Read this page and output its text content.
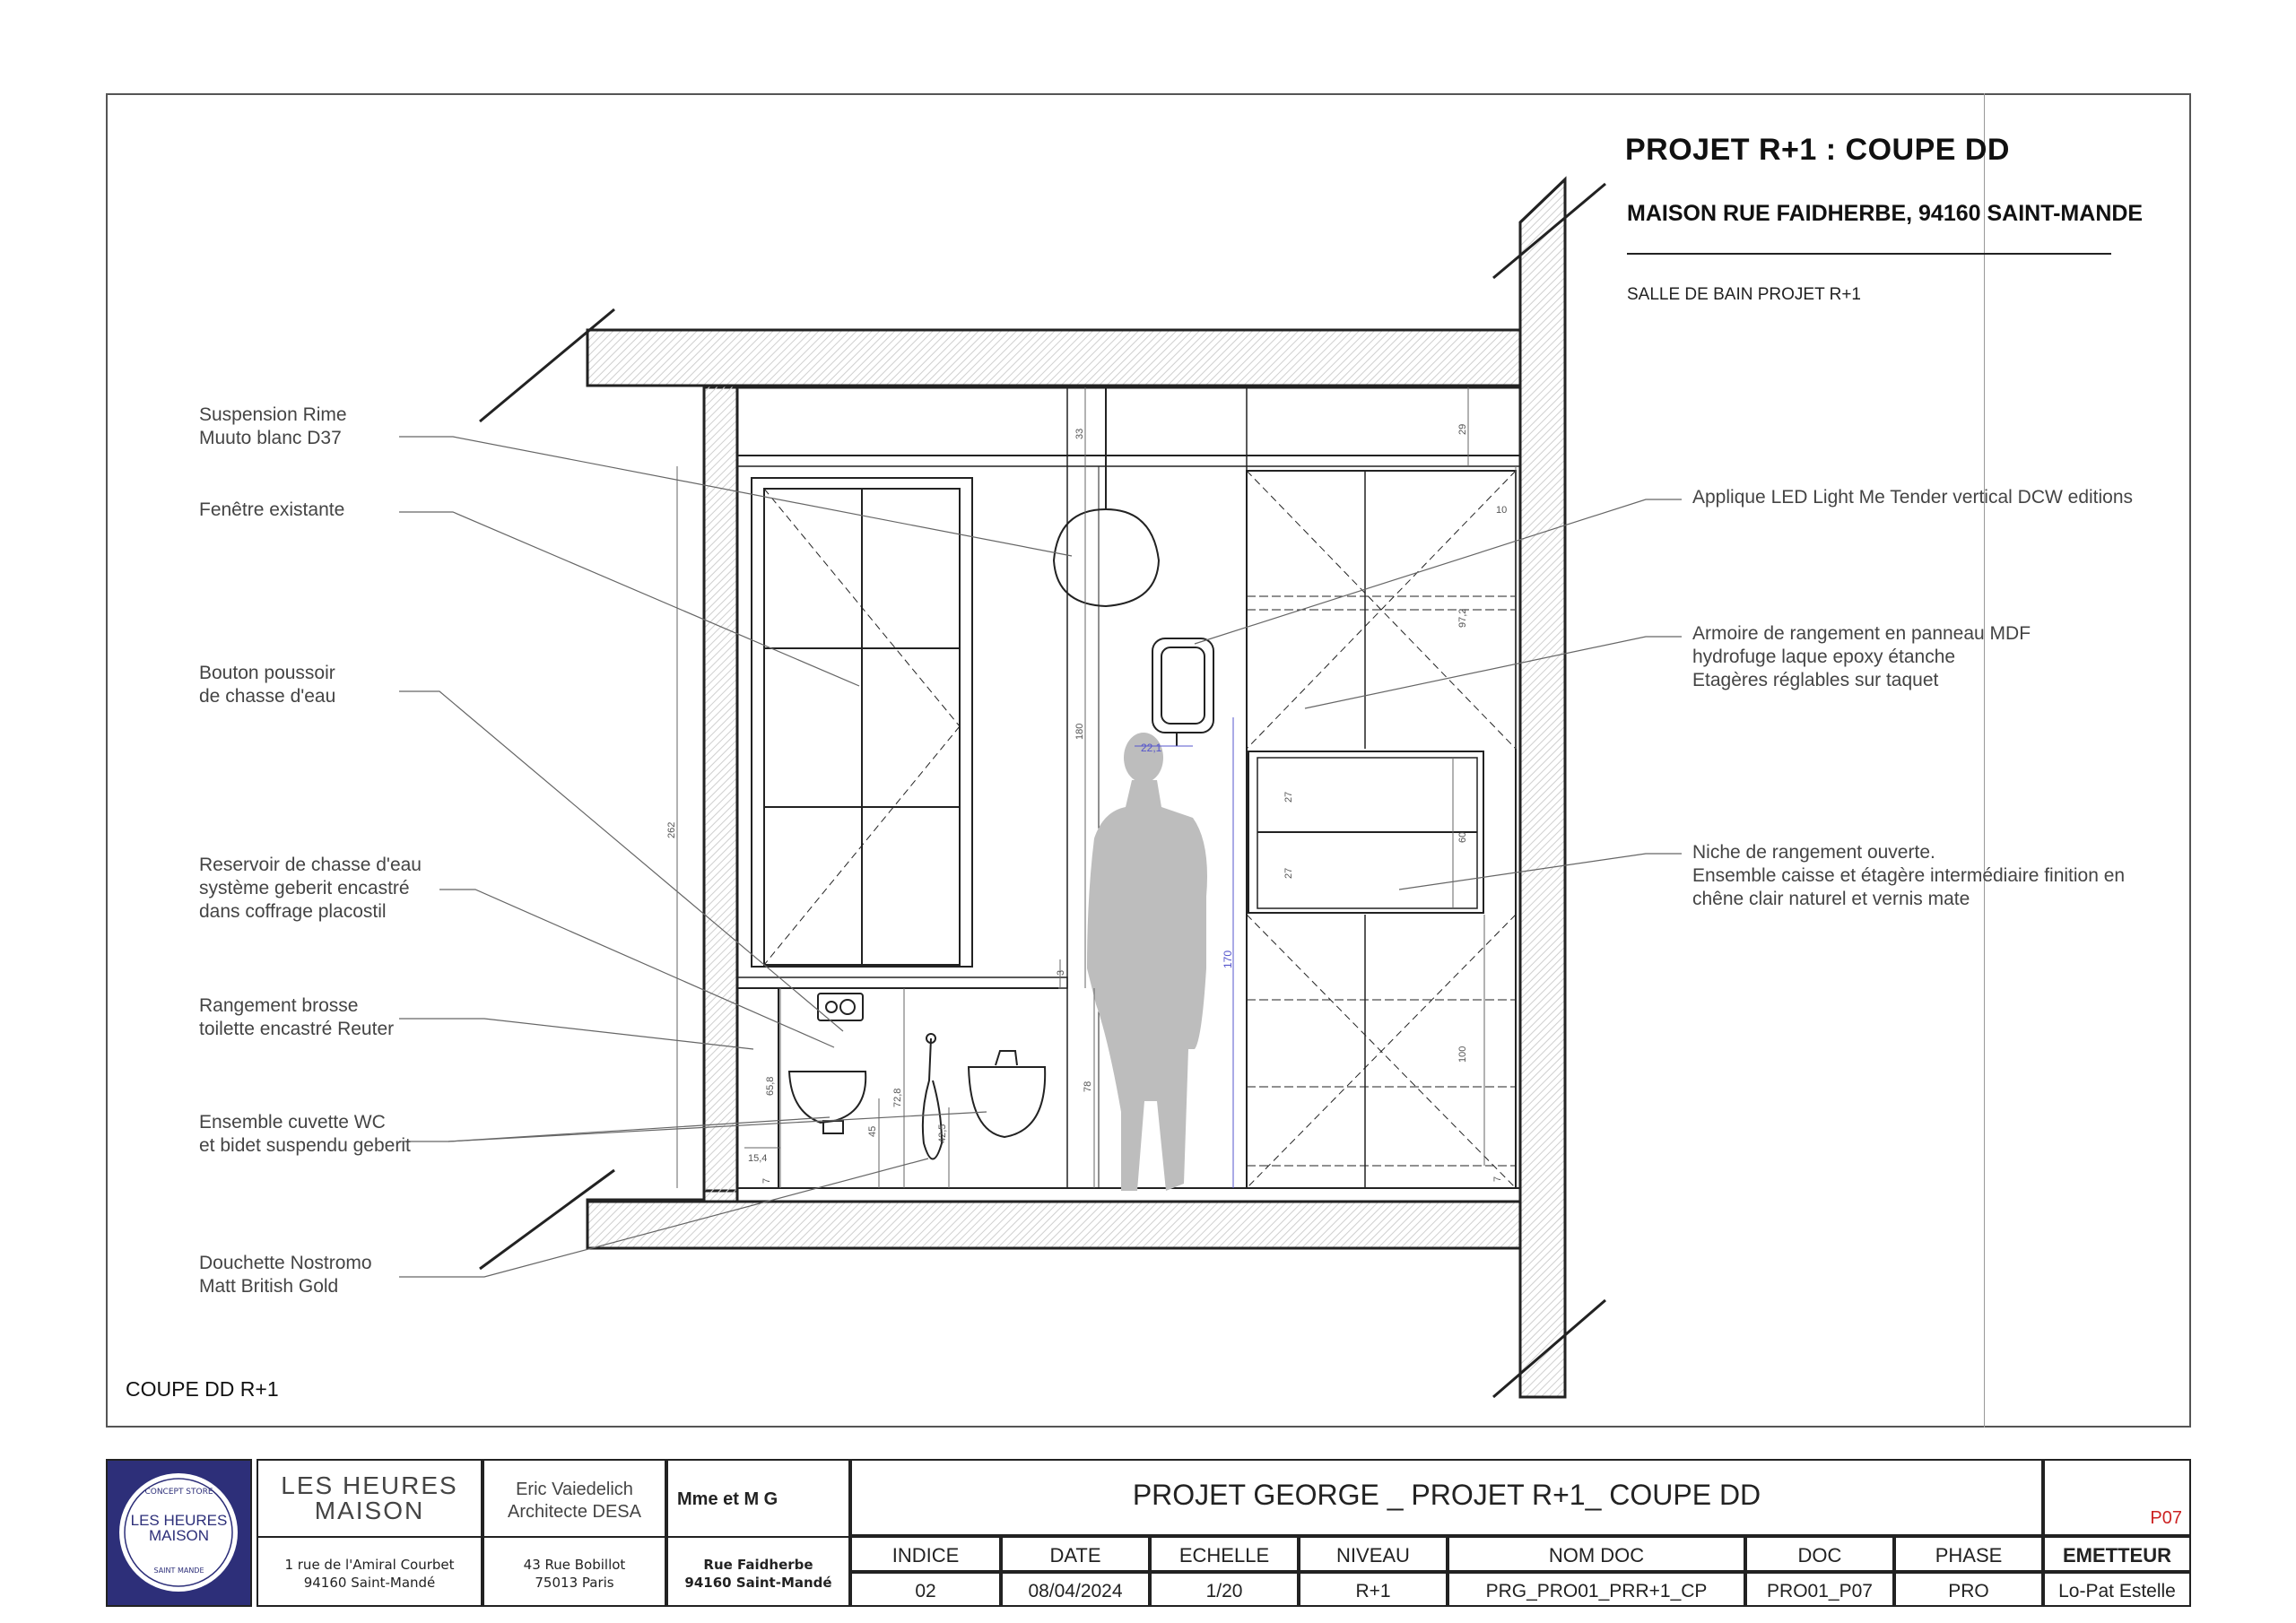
262
33	29
10
97,2
180
22,1
27
27
60
170
100
7
3
78
65,8
72,8
45	42,5
15,4
7
Suspension Rime
Muuto blanc D37
Fenêtre existante
Bouton poussoir
de chasse d'eau
Reservoir de chasse d'eau
système geberit encastré
dans coffrage placostil
Rangement brosse
toilette encastré Reuter
Ensemble cuvette WC
et bidet suspendu geberit
Douchette Nostromo
Matt British Gold
Applique LED Light Me Tender vertical DCW editions
Armoire de rangement en panneau MDF
hydrofuge laque epoxy étanche
Etagères réglables sur taquet
Niche de rangement ouverte.
Ensemble caisse et étagère intermédiaire finition en
chêne clair naturel et vernis mate
PROJET R+1 : COUPE DD
MAISON RUE FAIDHERBE, 94160 SAINT-MANDE
SALLE DE BAIN PROJET R+1
COUPE DD R+1
CONCEPT STORE
LES HEURES
MAISON
SAINT MANDE
LES HEURES
MAISON
1 rue de l'Amiral Courbet
94160 Saint-Mandé
Eric Vaiedelich
Architecte DESA
43 Rue Bobillot
75013 Paris
Mme et M G
Rue Faidherbe
94160 Saint-Mandé
PROJET GEORGE _ PROJET R+1_ COUPE DD
P07
INDICE	DATE	ECHELLE	NIVEAU	NOM DOC	DOC	PHASE	EMETTEUR
02	08/04/2024	1/20	R+1	PRG_PRO01_PRR+1_CP	PRO01_P07	PRO	Lo-Pat Estelle
